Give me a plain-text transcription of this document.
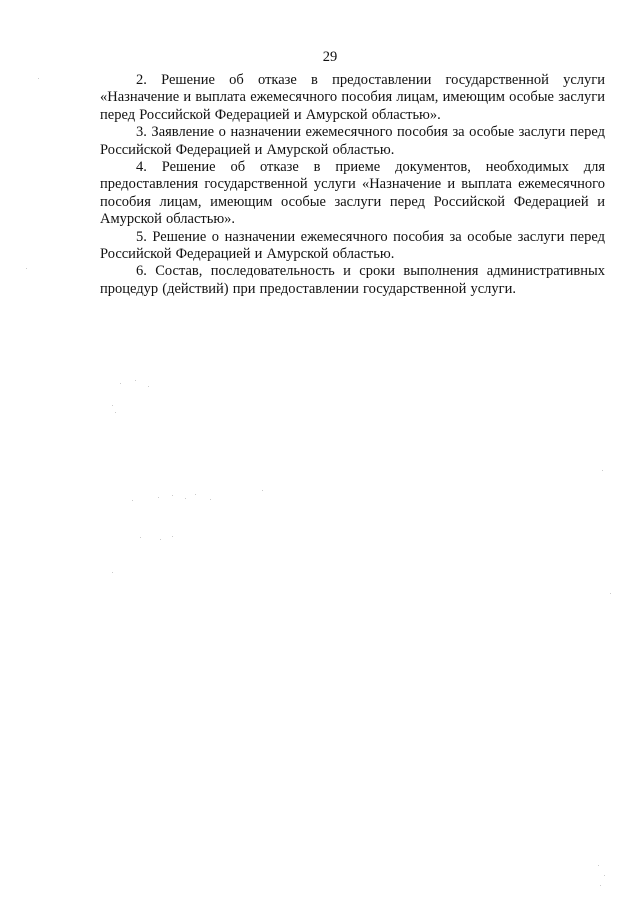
29

2. Решение об отказе в предоставлении государственной услуги «Назначение и выплата ежемесячного пособия лицам, имеющим особые заслуги перед Российской Федерацией и Амурской областью».

3. Заявление о назначении ежемесячного пособия за особые заслуги перед Российской Федерацией и Амурской областью.

4. Решение об отказе в приеме документов, необходимых для предоставления государственной услуги «Назначение и выплата ежемесячного пособия лицам, имеющим особые заслуги перед Российской Федерацией и Амурской областью».

5. Решение о назначении ежемесячного пособия за особые заслуги перед Российской Федерацией и Амурской областью.

6. Состав, последовательность и сроки выполнения административных процедур (действий) при предоставлении государственной услуги.
